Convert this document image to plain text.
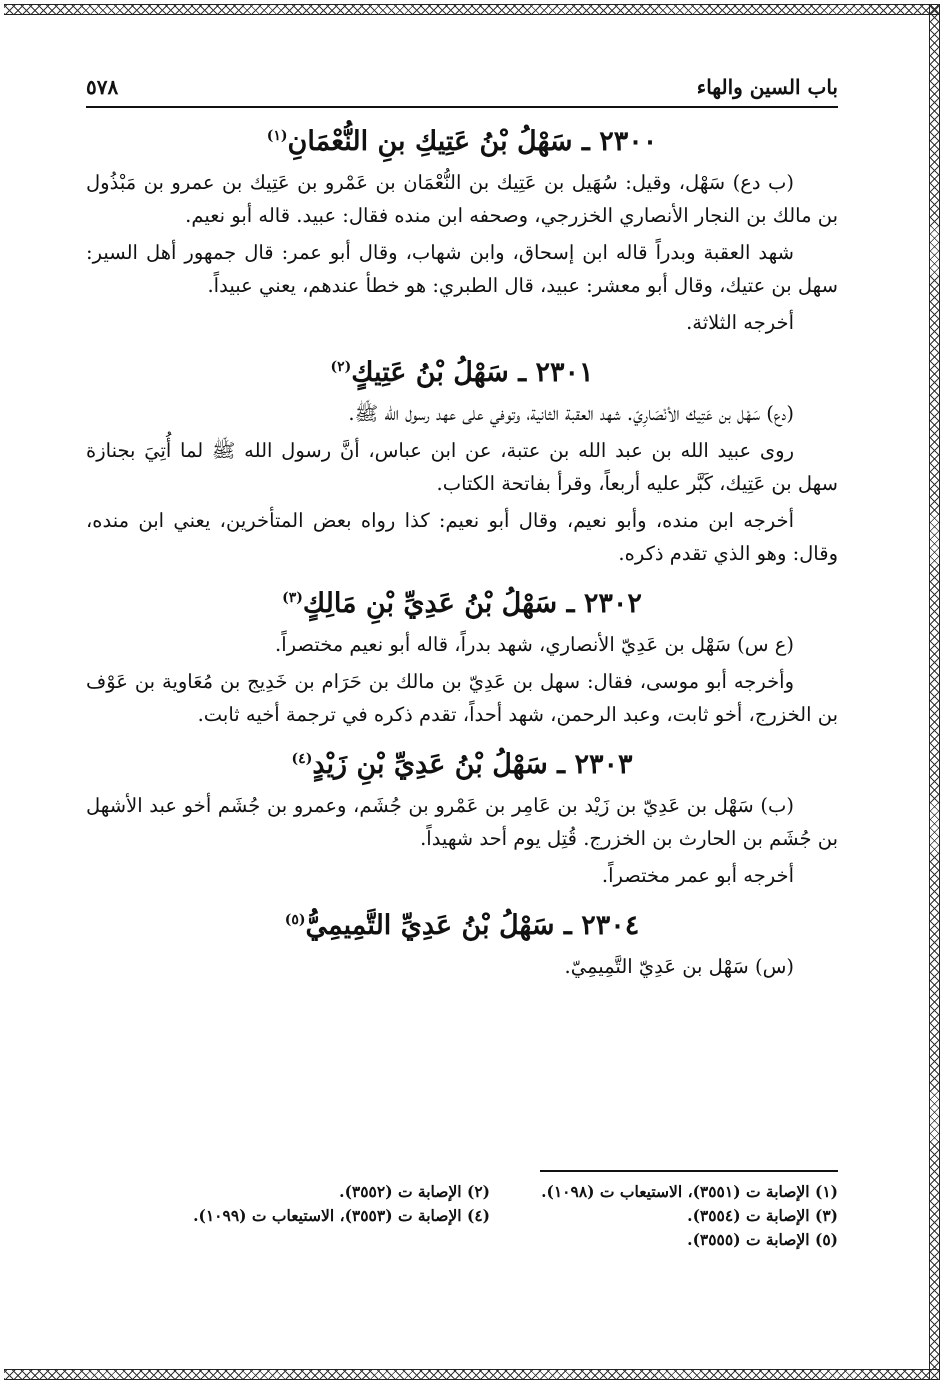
باب السين والهاء
٥٧٨
٢٣٠٠ ـ سَهْلُ بْنُ عَتِيكِ بنِ النُّعْمَانِ$^{(١)}$

(ب دع) سَهْل، وقيل: سُهَيل بن عَتِيك بن النُّعْمَان بن عَمْرو بن عَتِيك بن عمرو بن مَبْذُول بن مالك بن النجار الأنصاري الخزرجي، وصحفه ابن منده فقال: عبيد. قاله أبو نعيم.

شهد العقبة وبدراً قاله ابن إسحاق، وابن شهاب، وقال أبو عمر: قال جمهور أهل السير: سهل بن عتيك، وقال أبو معشر: عبيد، قال الطبري: هو خطأ عندهم، يعني عبيداً.

أخرجه الثلاثة.

٢٣٠١ ـ سَهْلُ بْنُ عَتِيكٍ$^{(٢)}$

(دع) سَهْل بن عَتِيك الأنْصَارِيّ. شهد العقبة الثانية، وتوفي على عهد رسول الله ﷺ.

روى عبيد الله بن عبد الله بن عتبة، عن ابن عباس، أنَّ رسول الله ﷺ لما أُتِيَ بجنازة سهل بن عَتِيك، كَبَّر عليه أربعاً، وقرأ بفاتحة الكتاب.

أخرجه ابن منده، وأبو نعيم، وقال أبو نعيم: كذا رواه بعض المتأخرين، يعني ابن منده، وقال: وهو الذي تقدم ذكره.

٢٣٠٢ ـ سَهْلُ بْنُ عَدِيِّ بْنِ مَالِكٍ$^{(٣)}$

(ع س) سَهْل بن عَدِيّ الأنصاري، شهد بدراً، قاله أبو نعيم مختصراً.

وأخرجه أبو موسى، فقال: سهل بن عَدِيّ بن مالك بن حَرَام بن خَدِيج بن مُعَاوية بن عَوْف بن الخزرج، أخو ثابت، وعبد الرحمن، شهد أحداً، تقدم ذكره في ترجمة أخيه ثابت.

٢٣٠٣ ـ سَهْلُ بْنُ عَدِيِّ بْنِ زَيْدٍ$^{(٤)}$

(ب) سَهْل بن عَدِيّ بن زَيْد بن عَامِر بن عَمْرو بن جُشَم، وعمرو بن جُشَم أخو عبد الأشهل بن جُشَم بن الحارث بن الخزرج. قُتِل يوم أحد شهيداً.

أخرجه أبو عمر مختصراً.

٢٣٠٤ ـ سَهْلُ بْنُ عَدِيِّ التَّمِيمِيُّ$^{(٥)}$

(س) سَهْل بن عَدِيّ التَّمِيمِيّ.

(١) الإصابة ت (٣٥٥١)، الاستيعاب ت (١٠٩٨).
(٢) الإصابة ت (٣٥٥٢).
(٣) الإصابة ت (٣٥٥٤).
(٤) الإصابة ت (٣٥٥٣)، الاستيعاب ت (١٠٩٩).
(٥) الإصابة ت (٣٥٥٥).
